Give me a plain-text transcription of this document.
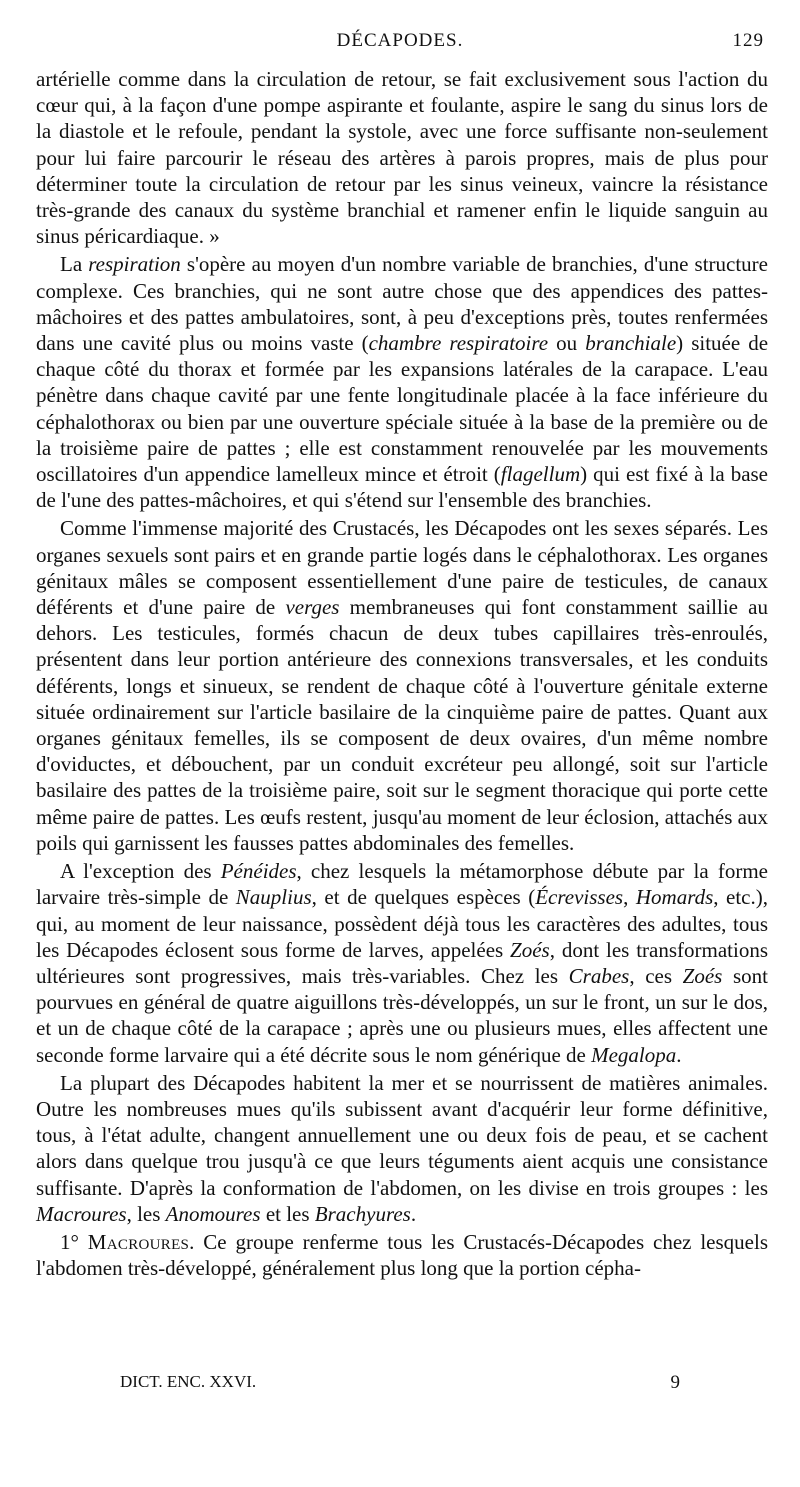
DÉCAPODES.	129

artérielle comme dans la circulation de retour, se fait exclusivement sous l'action du cœur qui, à la façon d'une pompe aspirante et foulante, aspire le sang du sinus lors de la diastole et le refoule, pendant la systole, avec une force suffisante non-seulement pour lui faire parcourir le réseau des artères à parois propres, mais de plus pour déterminer toute la circulation de retour par les sinus veineux, vaincre la résistance très-grande des canaux du système branchial et ramener enfin le liquide sanguin au sinus péricardiaque. »

La respiration s'opère au moyen d'un nombre variable de branchies, d'une structure complexe. Ces branchies, qui ne sont autre chose que des appendices des pattes-mâchoires et des pattes ambulatoires, sont, à peu d'exceptions près, toutes renfermées dans une cavité plus ou moins vaste (chambre respiratoire ou branchiale) située de chaque côté du thorax et formée par les expansions latérales de la carapace. L'eau pénètre dans chaque cavité par une fente longitudinale placée à la face inférieure du céphalothorax ou bien par une ouverture spéciale située à la base de la première ou de la troisième paire de pattes ; elle est constamment renouvelée par les mouvements oscillatoires d'un appendice lamelleux mince et étroit (flagellum) qui est fixé à la base de l'une des pattes-mâchoires, et qui s'étend sur l'ensemble des branchies.

Comme l'immense majorité des Crustacés, les Décapodes ont les sexes séparés. Les organes sexuels sont pairs et en grande partie logés dans le céphalothorax. Les organes génitaux mâles se composent essentiellement d'une paire de testicules, de canaux déférents et d'une paire de verges membraneuses qui font constamment saillie au dehors. Les testicules, formés chacun de deux tubes capillaires très-enroulés, présentent dans leur portion antérieure des connexions transversales, et les conduits déférents, longs et sinueux, se rendent de chaque côté à l'ouverture génitale externe située ordinairement sur l'article basilaire de la cinquième paire de pattes. Quant aux organes génitaux femelles, ils se composent de deux ovaires, d'un même nombre d'oviductes, et débouchent, par un conduit excréteur peu allongé, soit sur l'article basilaire des pattes de la troisième paire, soit sur le segment thoracique qui porte cette même paire de pattes. Les œufs restent, jusqu'au moment de leur éclosion, attachés aux poils qui garnissent les fausses pattes abdominales des femelles.

A l'exception des Pénéides, chez lesquels la métamorphose débute par la forme larvaire très-simple de Nauplius, et de quelques espèces (Écrevisses, Homards, etc.), qui, au moment de leur naissance, possèdent déjà tous les caractères des adultes, tous les Décapodes éclosent sous forme de larves, appelées Zoés, dont les transformations ultérieures sont progressives, mais très-variables. Chez les Crabes, ces Zoés sont pourvues en général de quatre aiguillons très-développés, un sur le front, un sur le dos, et un de chaque côté de la carapace ; après une ou plusieurs mues, elles affectent une seconde forme larvaire qui a été décrite sous le nom générique de Megalopa.

La plupart des Décapodes habitent la mer et se nourrissent de matières animales. Outre les nombreuses mues qu'ils subissent avant d'acquérir leur forme définitive, tous, à l'état adulte, changent annuellement une ou deux fois de peau, et se cachent alors dans quelque trou jusqu'à ce que leurs téguments aient acquis une consistance suffisante. D'après la conformation de l'abdomen, on les divise en trois groupes : les Macroures, les Anomoures et les Brachyures.

1° Macroures. Ce groupe renferme tous les Crustacés-Décapodes chez lesquels l'abdomen très-développé, généralement plus long que la portion cépha-

DICT. ENC. XXVI.	9
